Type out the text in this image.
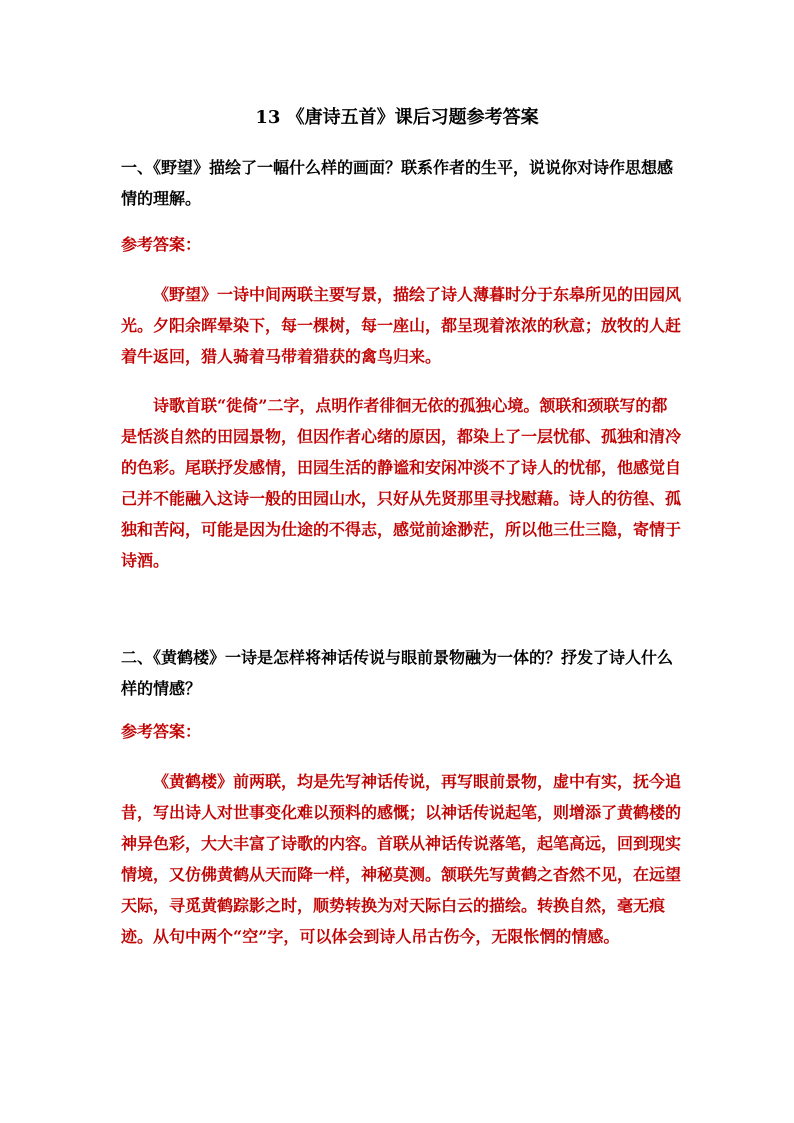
13 《唐诗五首》课后习题参考答案

一、《野望》描绘了一幅什么样的画面？联系作者的生平，说说你对诗作思想感情的理解。

参考答案：

《野望》一诗中间两联主要写景，描绘了诗人薄暮时分于东皋所见的田园风光。夕阳余晖晕染下，每一棵树，每一座山，都呈现着浓浓的秋意；放牧的人赶着牛返回，猎人骑着马带着猎获的禽鸟归来。

诗歌首联“徙倚”二字，点明作者徘徊无依的孤独心境。颔联和颈联写的都是恬淡自然的田园景物，但因作者心绪的原因，都染上了一层忧郁、孤独和清冷的色彩。尾联抒发感情，田园生活的静谧和安闲冲淡不了诗人的忧郁，他感觉自己并不能融入这诗一般的田园山水，只好从先贤那里寻找慰藉。诗人的彷徨、孤独和苦闷，可能是因为仕途的不得志，感觉前途渺茫，所以他三仕三隐，寄情于诗酒。

二、《黄鹤楼》一诗是怎样将神话传说与眼前景物融为一体的？抒发了诗人什么样的情感？

参考答案：

《黄鹤楼》前两联，均是先写神话传说，再写眼前景物，虚中有实，抚今追昔，写出诗人对世事变化难以预料的感慨；以神话传说起笔，则增添了黄鹤楼的神异色彩，大大丰富了诗歌的内容。首联从神话传说落笔，起笔高远，回到现实情境，又仿佛黄鹤从天而降一样，神秘莫测。颔联先写黄鹤之杳然不见，在远望天际，寻觅黄鹤踪影之时，顺势转换为对天际白云的描绘。转换自然，毫无痕迹。从句中两个“空”字，可以体会到诗人吊古伤今，无限怅惘的情感。
